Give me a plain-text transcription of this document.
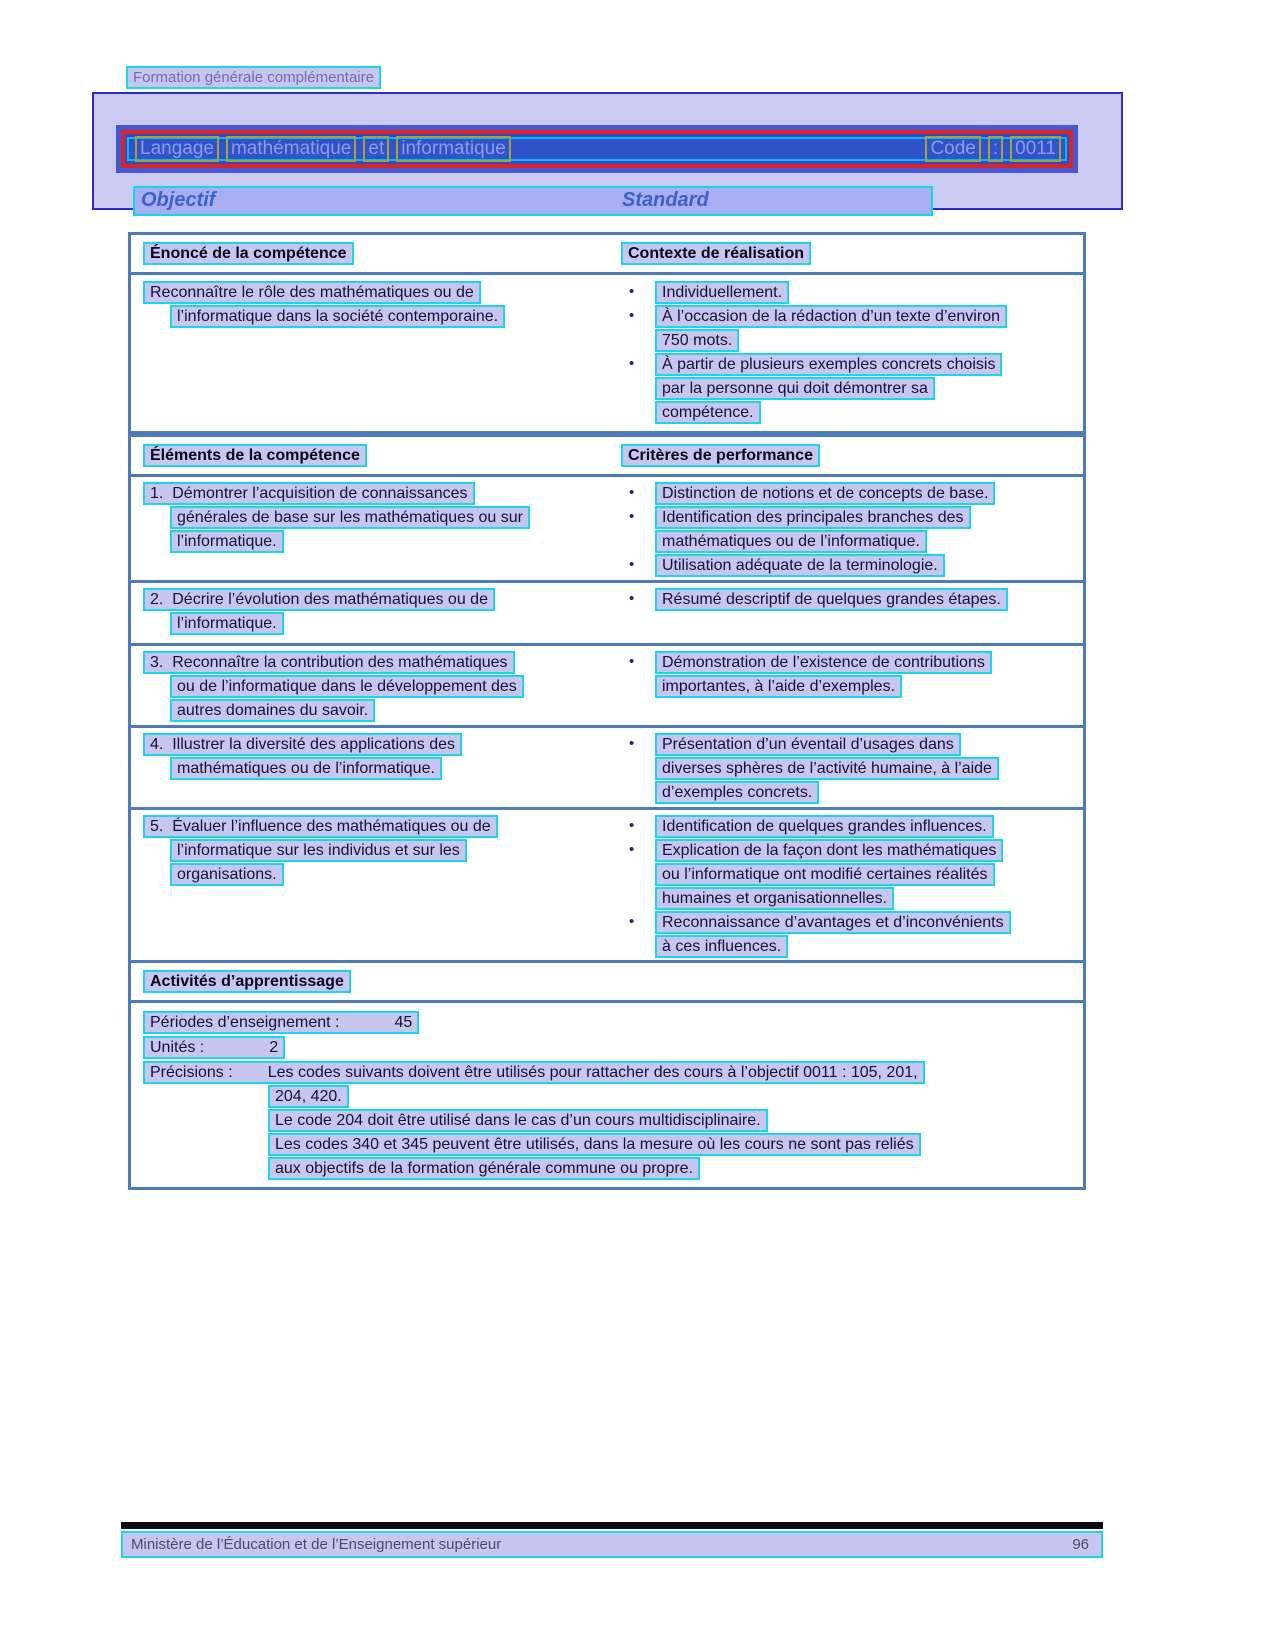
Formation générale complémentaire
Langage mathématique et informatique	Code : 0011
Objectif	Standard
Énoncé de la compétence	Contexte de réalisation
Reconnaître le rôle des mathématiques ou de
l’informatique dans la société contemporaine.
•	Individuellement.
•	À l’occasion de la rédaction d’un texte d’environ
750 mots.
•	À partir de plusieurs exemples concrets choisis
par la personne qui doit démontrer sa
compétence.
Éléments de la compétence	Critères de performance
1.  Démontrer l’acquisition de connaissances
générales de base sur les mathématiques ou sur
l’informatique.
•	Distinction de notions et de concepts de base.
•	Identification des principales branches des
mathématiques ou de l’informatique.
•	Utilisation adéquate de la terminologie.
2.  Décrire l’évolution des mathématiques ou de
l’informatique.
•	Résumé descriptif de quelques grandes étapes.
3.  Reconnaître la contribution des mathématiques
ou de l’informatique dans le développement des
autres domaines du savoir.
•	Démonstration de l’existence de contributions
importantes, à l’aide d’exemples.
4.  Illustrer la diversité des applications des
mathématiques ou de l’informatique.
•	Présentation d’un éventail d’usages dans
diverses sphères de l’activité humaine, à l’aide
d’exemples concrets.
5.  Évaluer l’influence des mathématiques ou de
l’informatique sur les individus et sur les
organisations.
•	Identification de quelques grandes influences.
•	Explication de la façon dont les mathématiques
ou l’informatique ont modifié certaines réalités
humaines et organisationnelles.
•	Reconnaissance d’avantages et d’inconvénients
à ces influences.
Activités d’apprentissage
Périodes d’enseignement :	45
Unités :	2
Précisions : Les codes suivants doivent être utilisés pour rattacher des cours à l’objectif 0011 : 105, 201,
204, 420.
Le code 204 doit être utilisé dans le cas d’un cours multidisciplinaire.
Les codes 340 et 345 peuvent être utilisés, dans la mesure où les cours ne sont pas reliés
aux objectifs de la formation générale commune ou propre.
Ministère de l’Éducation et de l’Enseignement supérieur	96
